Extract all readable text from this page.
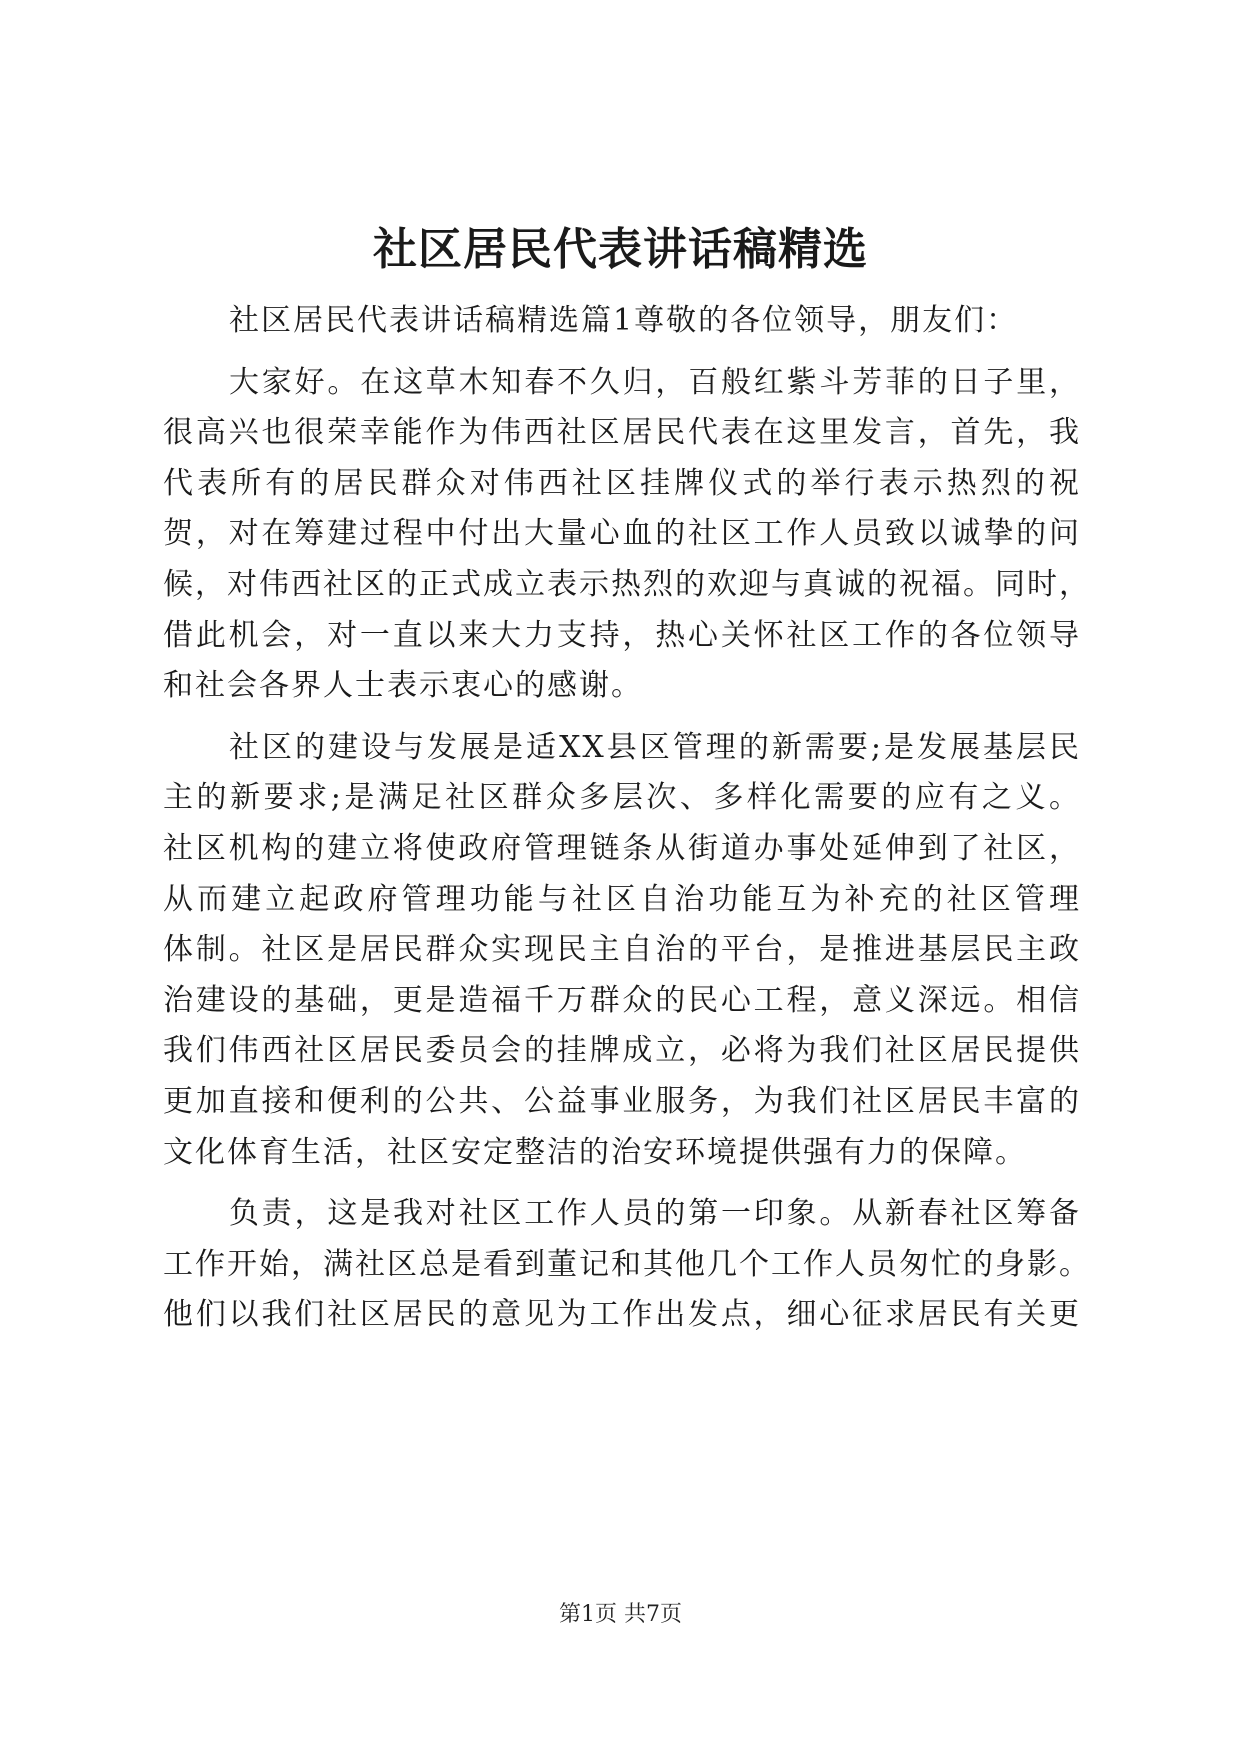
社区居民代表讲话稿精选
社区居民代表讲话稿精选篇1尊敬的各位领导，朋友们：
大家好。在这草木知春不久归，百般红紫斗芳菲的日子里，
很高兴也很荣幸能作为伟西社区居民代表在这里发言，首先，我
代表所有的居民群众对伟西社区挂牌仪式的举行表示热烈的祝
贺，对在筹建过程中付出大量心血的社区工作人员致以诚挚的问
候，对伟西社区的正式成立表示热烈的欢迎与真诚的祝福。同时，
借此机会，对一直以来大力支持，热心关怀社区工作的各位领导
和社会各界人士表示衷心的感谢。
社区的建设与发展是适XX县区管理的新需要;是发展基层民
主的新要求;是满足社区群众多层次、多样化需要的应有之义。
社区机构的建立将使政府管理链条从街道办事处延伸到了社区，
从而建立起政府管理功能与社区自治功能互为补充的社区管理
体制。社区是居民群众实现民主自治的平台，是推进基层民主政
治建设的基础，更是造福千万群众的民心工程，意义深远。相信
我们伟西社区居民委员会的挂牌成立，必将为我们社区居民提供
更加直接和便利的公共、公益事业服务，为我们社区居民丰富的
文化体育生活，社区安定整洁的治安环境提供强有力的保障。
负责，这是我对社区工作人员的第一印象。从新春社区筹备
工作开始，满社区总是看到董记和其他几个工作人员匆忙的身影。
他们以我们社区居民的意见为工作出发点，细心征求居民有关更
第1页 共7页
